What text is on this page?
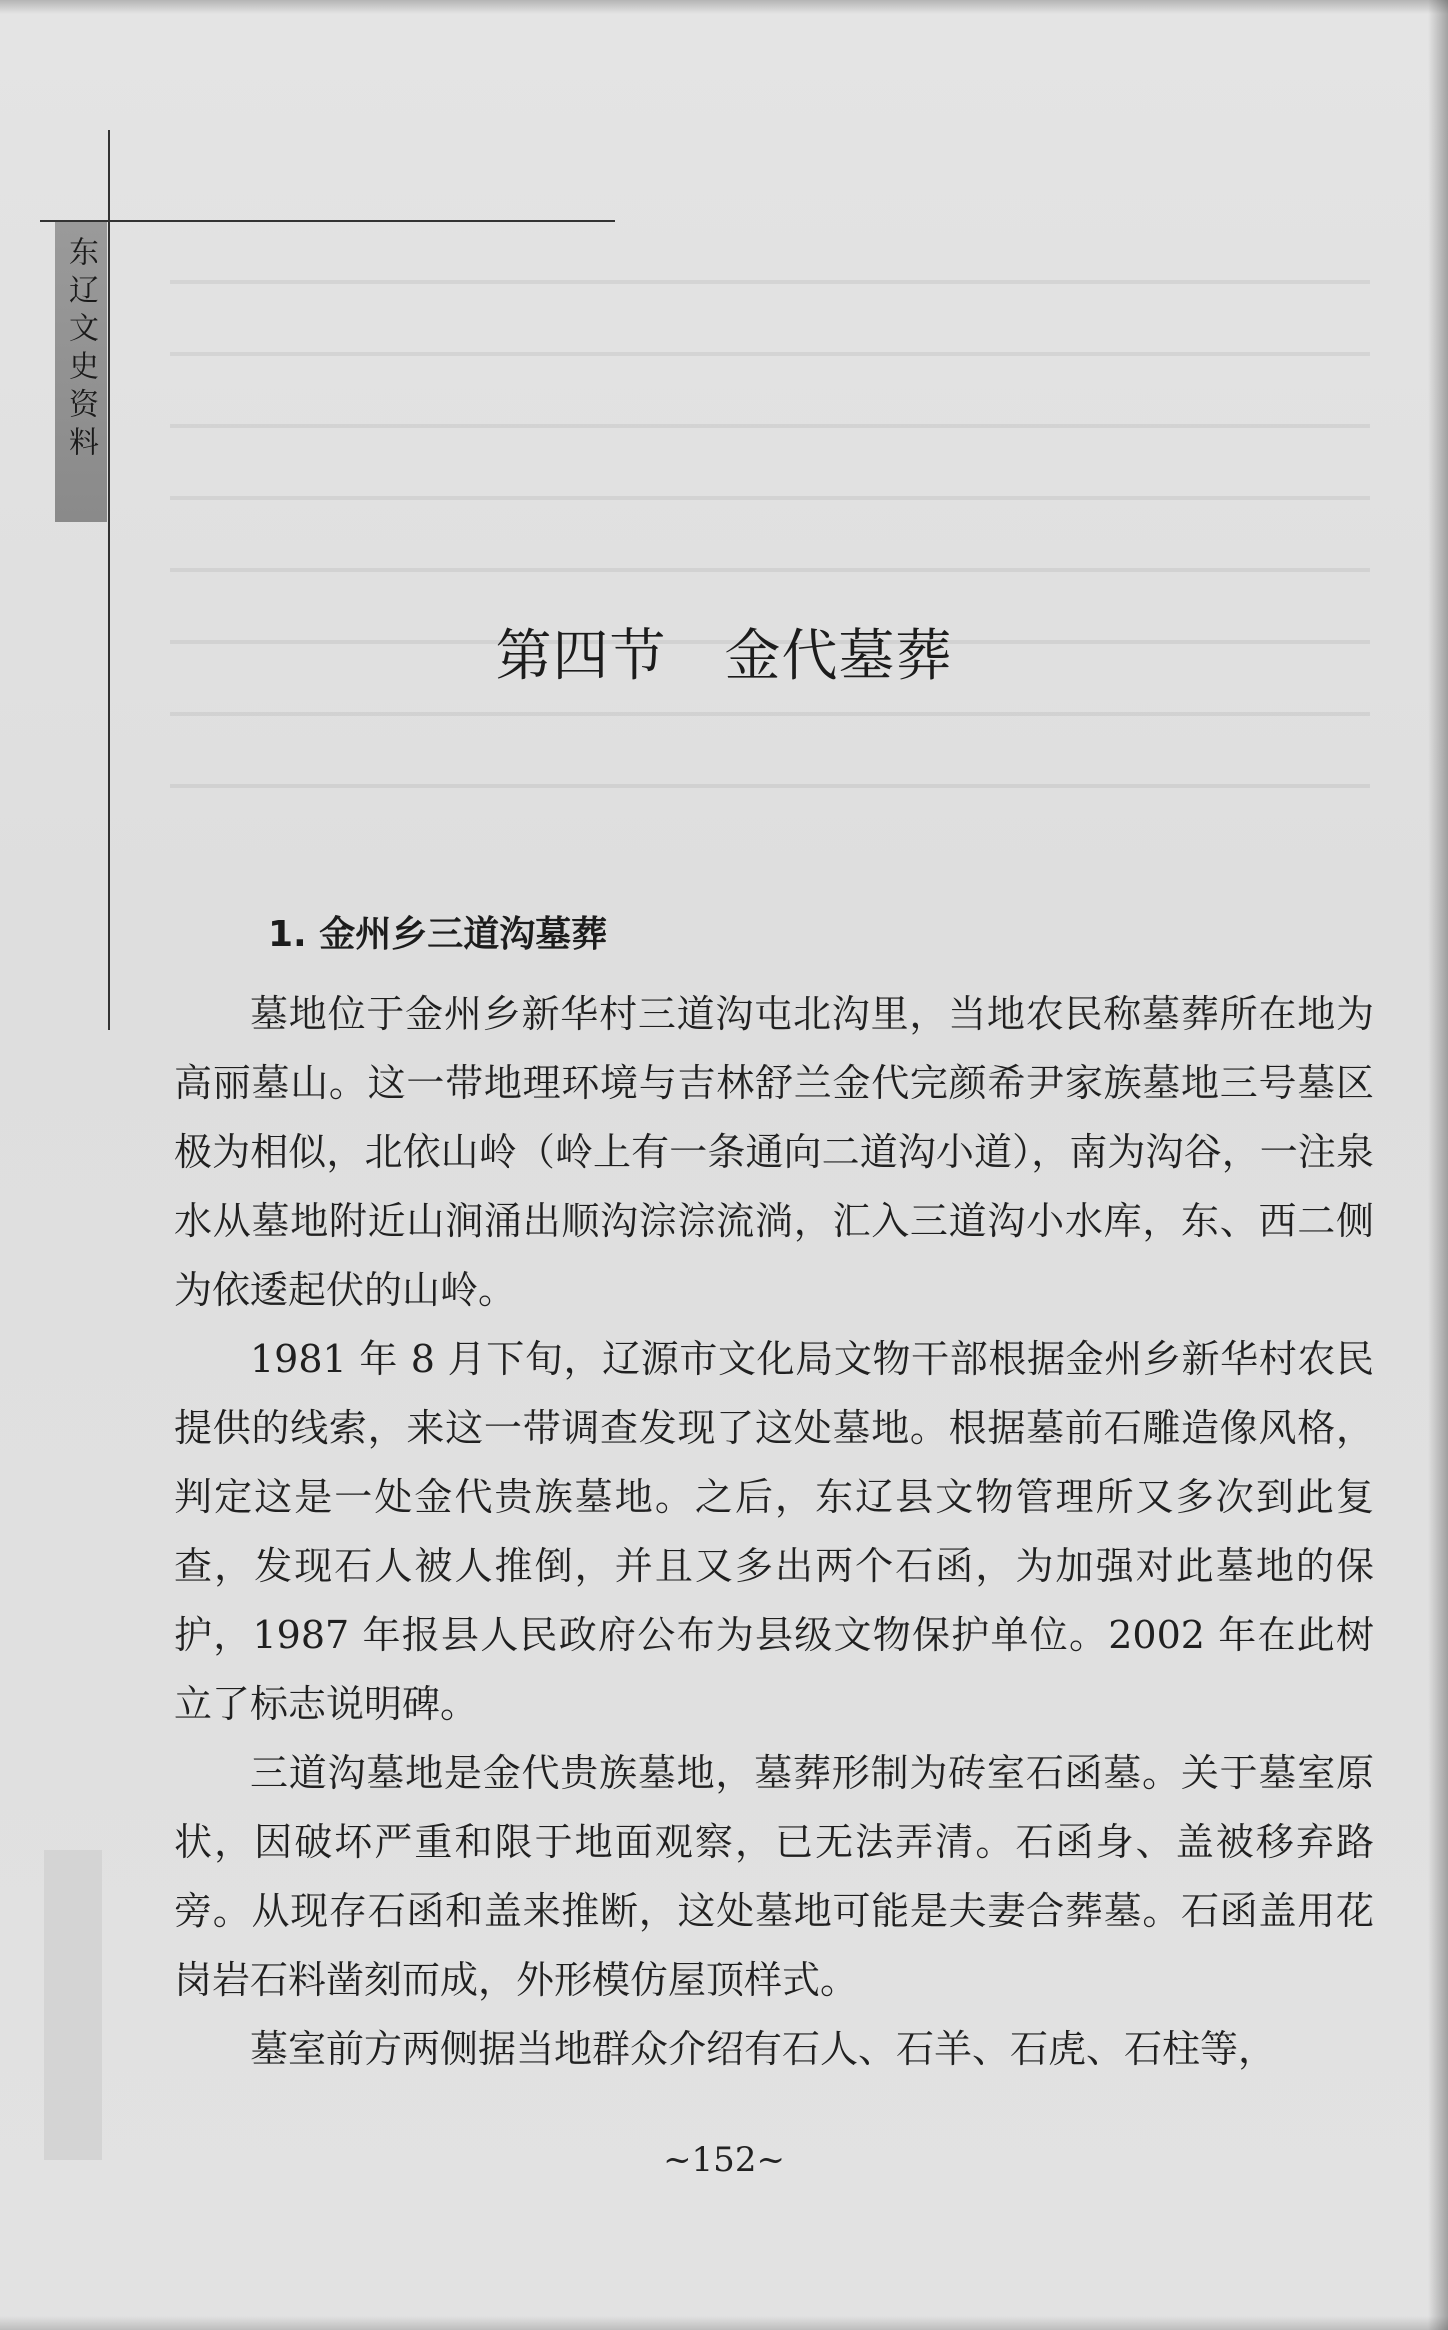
东辽文史资料
第四节 金代墓葬
1. 金州乡三道沟墓葬

墓地位于金州乡新华村三道沟屯北沟里，当地农民称墓葬所在地为高丽墓山。这一带地理环境与吉林舒兰金代完颜希尹家族墓地三号墓区极为相似，北依山岭（岭上有一条通向二道沟小道），南为沟谷，一注泉水从墓地附近山涧涌出顺沟淙淙流淌，汇入三道沟小水库，东、西二侧为依逶起伏的山岭。

1981 年 8 月下旬，辽源市文化局文物干部根据金州乡新华村农民提供的线索，来这一带调查发现了这处墓地。根据墓前石雕造像风格，判定这是一处金代贵族墓地。之后，东辽县文物管理所又多次到此复查，发现石人被人推倒，并且又多出两个石函，为加强对此墓地的保护，1987 年报县人民政府公布为县级文物保护单位。2002 年在此树立了标志说明碑。

三道沟墓地是金代贵族墓地，墓葬形制为砖室石函墓。关于墓室原状，因破坏严重和限于地面观察，已无法弄清。石函身、盖被移弃路旁。从现存石函和盖来推断，这处墓地可能是夫妻合葬墓。石函盖用花岗岩石料凿刻而成，外形模仿屋顶样式。

墓室前方两侧据当地群众介绍有石人、石羊、石虎、石柱等，

~152~
